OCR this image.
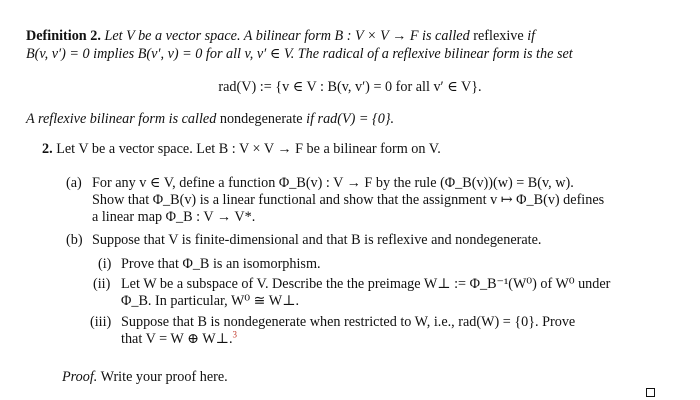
Definition 2. Let V be a vector space. A bilinear form B : V × V → F is called reflexive if
B(v, v′) = 0 implies B(v′, v) = 0 for all v, v′ ∈ V. The radical of a reflexive bilinear form is the set
rad(V) := {v ∈ V : B(v, v′) = 0 for all v′ ∈ V}.
A reflexive bilinear form is called nondegenerate if rad(V) = {0}.
2. Let V be a vector space. Let B : V × V → F be a bilinear form on V.
(a) For any v ∈ V, define a function Φ_B(v) : V → F by the rule (Φ_B(v))(w) = B(v, w).
Show that Φ_B(v) is a linear functional and show that the assignment v ↦ Φ_B(v) defines
a linear map Φ_B : V → V*.
(b) Suppose that V is finite-dimensional and that B is reflexive and nondegenerate.
(i) Prove that Φ_B is an isomorphism.
(ii) Let W be a subspace of V. Describe the the preimage W⊥ := Φ_B⁻¹(W⁰) of W⁰ under
Φ_B. In particular, W⁰ ≅ W⊥.
(iii) Suppose that B is nondegenerate when restricted to W, i.e., rad(W) = {0}. Prove
that V = W ⊕ W⊥.$^3$
Proof. Write your proof here.
